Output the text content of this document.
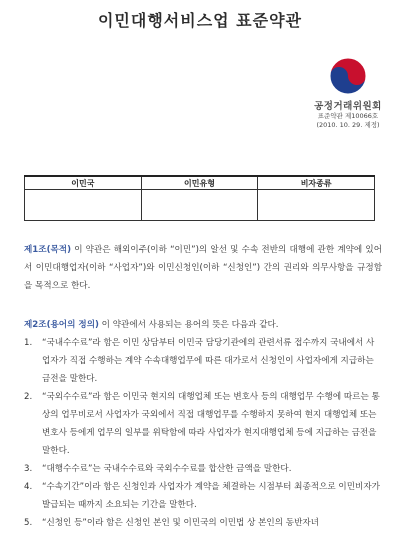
이민대행서비스업 표준약관
공정거래위원회
표준약관 제10066호
(2010. 10. 29. 제정)
이민국	이민유형	비자종류

제1조(목적) 이 약관은 해외이주(이하 “이민”)의 알선 및 수속 전반의 대행에 관한 계약에 있어서 이민대행업자(이하 “사업자”)와 이민신청인(이하 “신청인”) 간의 권리와 의무사항을 규정함을 목적으로 한다.

제2조(용어의 정의) 이 약관에서 사용되는 용어의 뜻은 다음과 같다.

1. “국내수수료”라 함은 이민 상담부터 이민국 담당기관에의 관련서류 접수까지 국내에서 사업자가 직접 수행하는 계약 수속대행업무에 따른 대가로서 신청인이 사업자에게 지급하는 금전을 말한다.
2. “국외수수료”라 함은 이민국 현지의 대행업체 또는 변호사 등의 대행업무 수행에 따르는 통상의 업무비로서 사업자가 국외에서 직접 대행업무를 수행하지 못하여 현지 대행업체 또는 변호사 등에게 업무의 일부를 위탁함에 따라 사업자가 현지대행업체 등에 지급하는 금전을 말한다.
3. “대행수수료”는 국내수수료와 국외수수료를 합산한 금액을 말한다.
4. “수속기간”이라 함은 신청인과 사업자가 계약을 체결하는 시점부터 최종적으로 이민비자가 발급되는 때까지 소요되는 기간을 말한다.
5. “신청인 등”이라 함은 신청인 본인 및 이민국의 이민법 상 본인의 동반자녀
